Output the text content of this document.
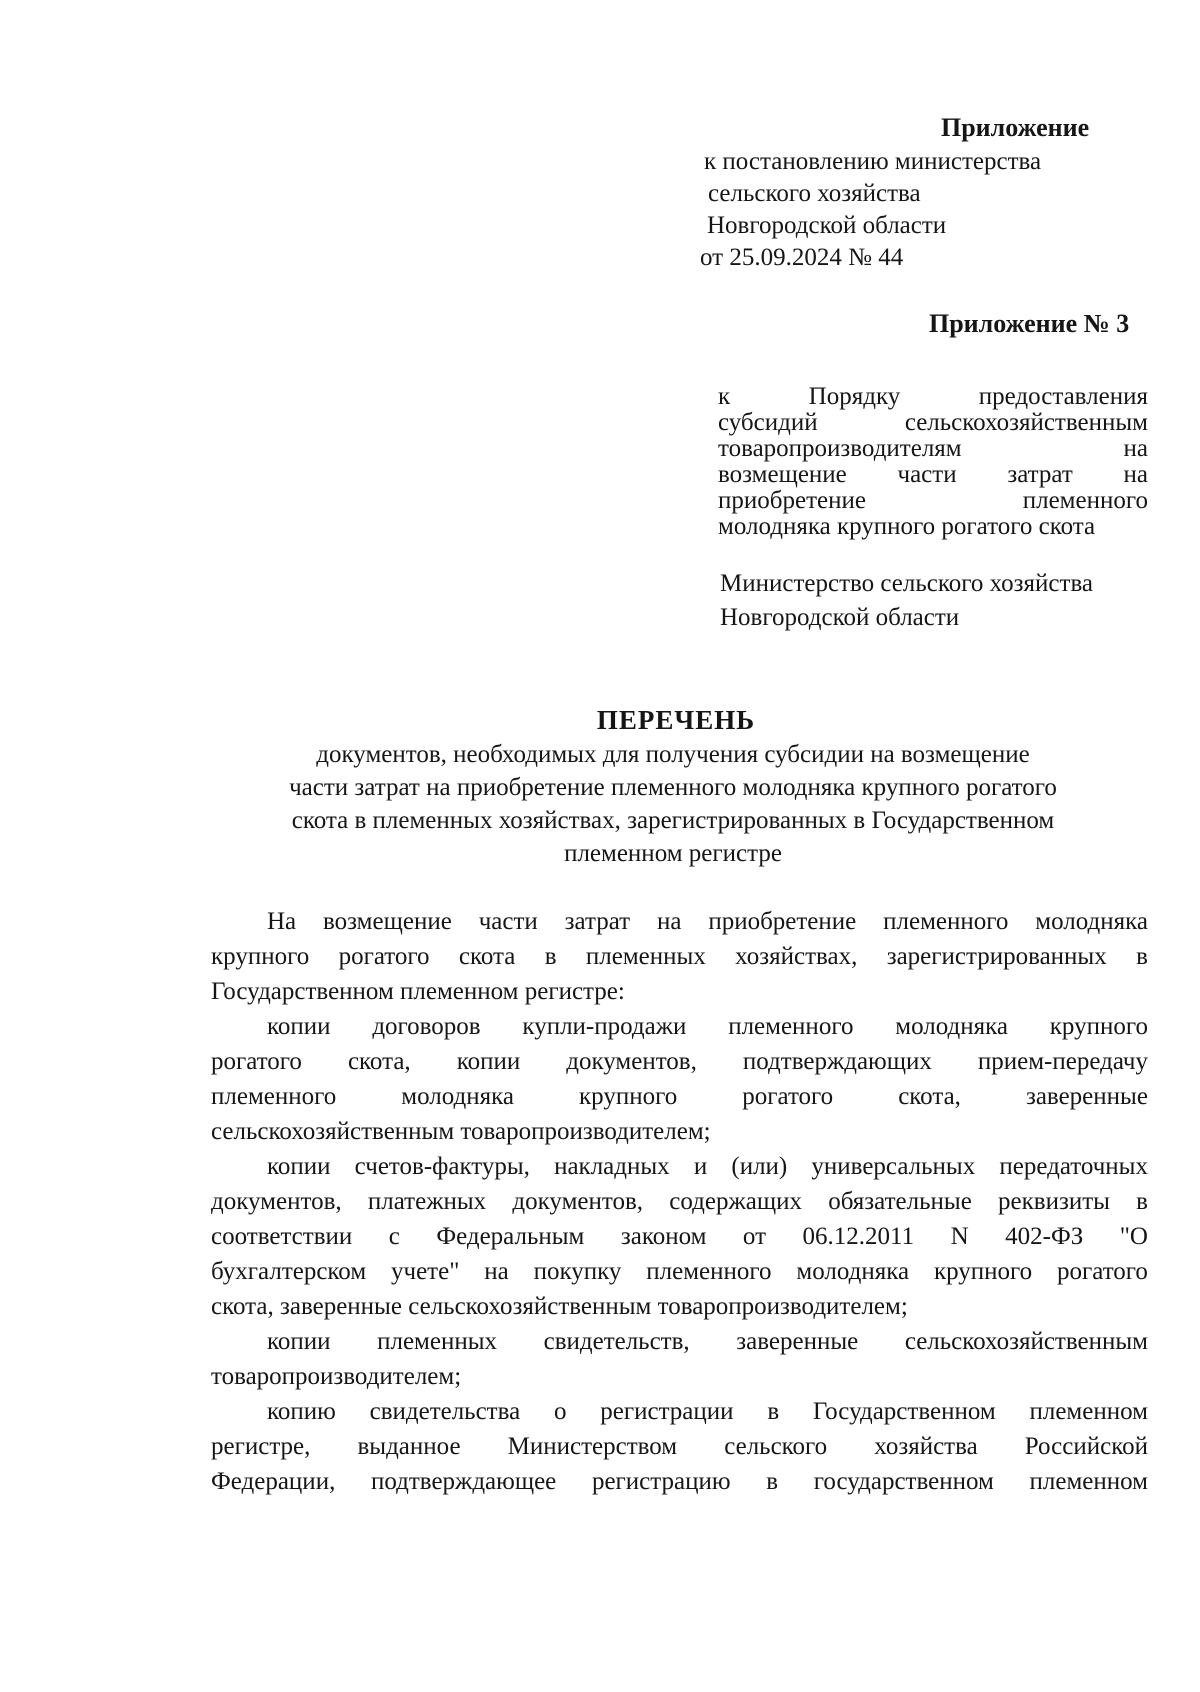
Приложение
к постановлению министерства
сельского хозяйства
Новгородской области
от 25.09.2024 № 44
Приложение № 3
к	Порядку	предоставления
субсидий	сельскохозяйственным
товаропроизводителям	на
возмещение части затрат на
приобретение	племенного
молодняка крупного рогатого скота
Министерство сельского хозяйства
Новгородской области
ПЕРЕЧЕНЬ
документов, необходимых для получения субсидии на возмещение
части затрат на приобретение племенного молодняка крупного рогатого
скота в племенных хозяйствах, зарегистрированных в Государственном
племенном регистре
На возмещение части затрат на приобретение племенного молодняка
крупного рогатого скота в племенных хозяйствах, зарегистрированных в
Государственном племенном регистре:
копии договоров купли-продажи племенного молодняка крупного
рогатого скота, копии документов, подтверждающих прием-передачу
племенного	молодняка	крупного	рогатого	скота,	заверенные
сельскохозяйственным товаропроизводителем;
копии счетов-фактуры, накладных и (или) универсальных передаточных
документов, платежных документов, содержащих обязательные реквизиты в
соответствии с Федеральным законом от 06.12.2011 N 402-ФЗ "О
бухгалтерском учете" на покупку племенного молодняка крупного рогатого
скота, заверенные сельскохозяйственным товаропроизводителем;
копии племенных свидетельств, заверенные сельскохозяйственным
товаропроизводителем;
копию свидетельства о регистрации в Государственном племенном
регистре, выданное Министерством сельского хозяйства Российской
Федерации, подтверждающее регистрацию в государственном племенном
